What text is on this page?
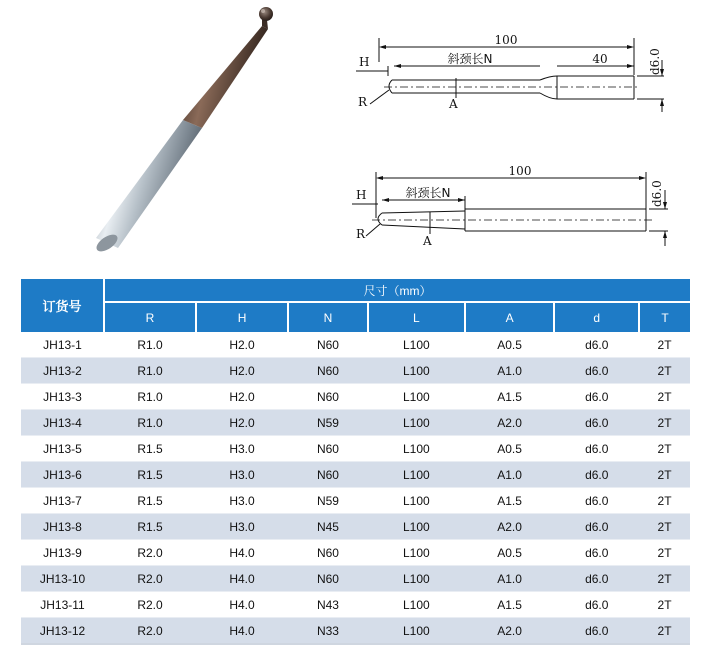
100
40
斜颈长N
H
R	A
d6.0
100
斜颈长N
H
R	A
d6.0
订货号	尺寸（mm）						
	R	H	N	L	A	d	T
JH13-1	R1.0	H2.0	N60	L100	A0.5	d6.0	2T
JH13-2	R1.0	H2.0	N60	L100	A1.0	d6.0	2T
JH13-3	R1.0	H2.0	N60	L100	A1.5	d6.0	2T
JH13-4	R1.0	H2.0	N59	L100	A2.0	d6.0	2T
JH13-5	R1.5	H3.0	N60	L100	A0.5	d6.0	2T
JH13-6	R1.5	H3.0	N60	L100	A1.0	d6.0	2T
JH13-7	R1.5	H3.0	N59	L100	A1.5	d6.0	2T
JH13-8	R1.5	H3.0	N45	L100	A2.0	d6.0	2T
JH13-9	R2.0	H4.0	N60	L100	A0.5	d6.0	2T
JH13-10	R2.0	H4.0	N60	L100	A1.0	d6.0	2T
JH13-11	R2.0	H4.0	N43	L100	A1.5	d6.0	2T
JH13-12	R2.0	H4.0	N33	L100	A2.0	d6.0	2T
